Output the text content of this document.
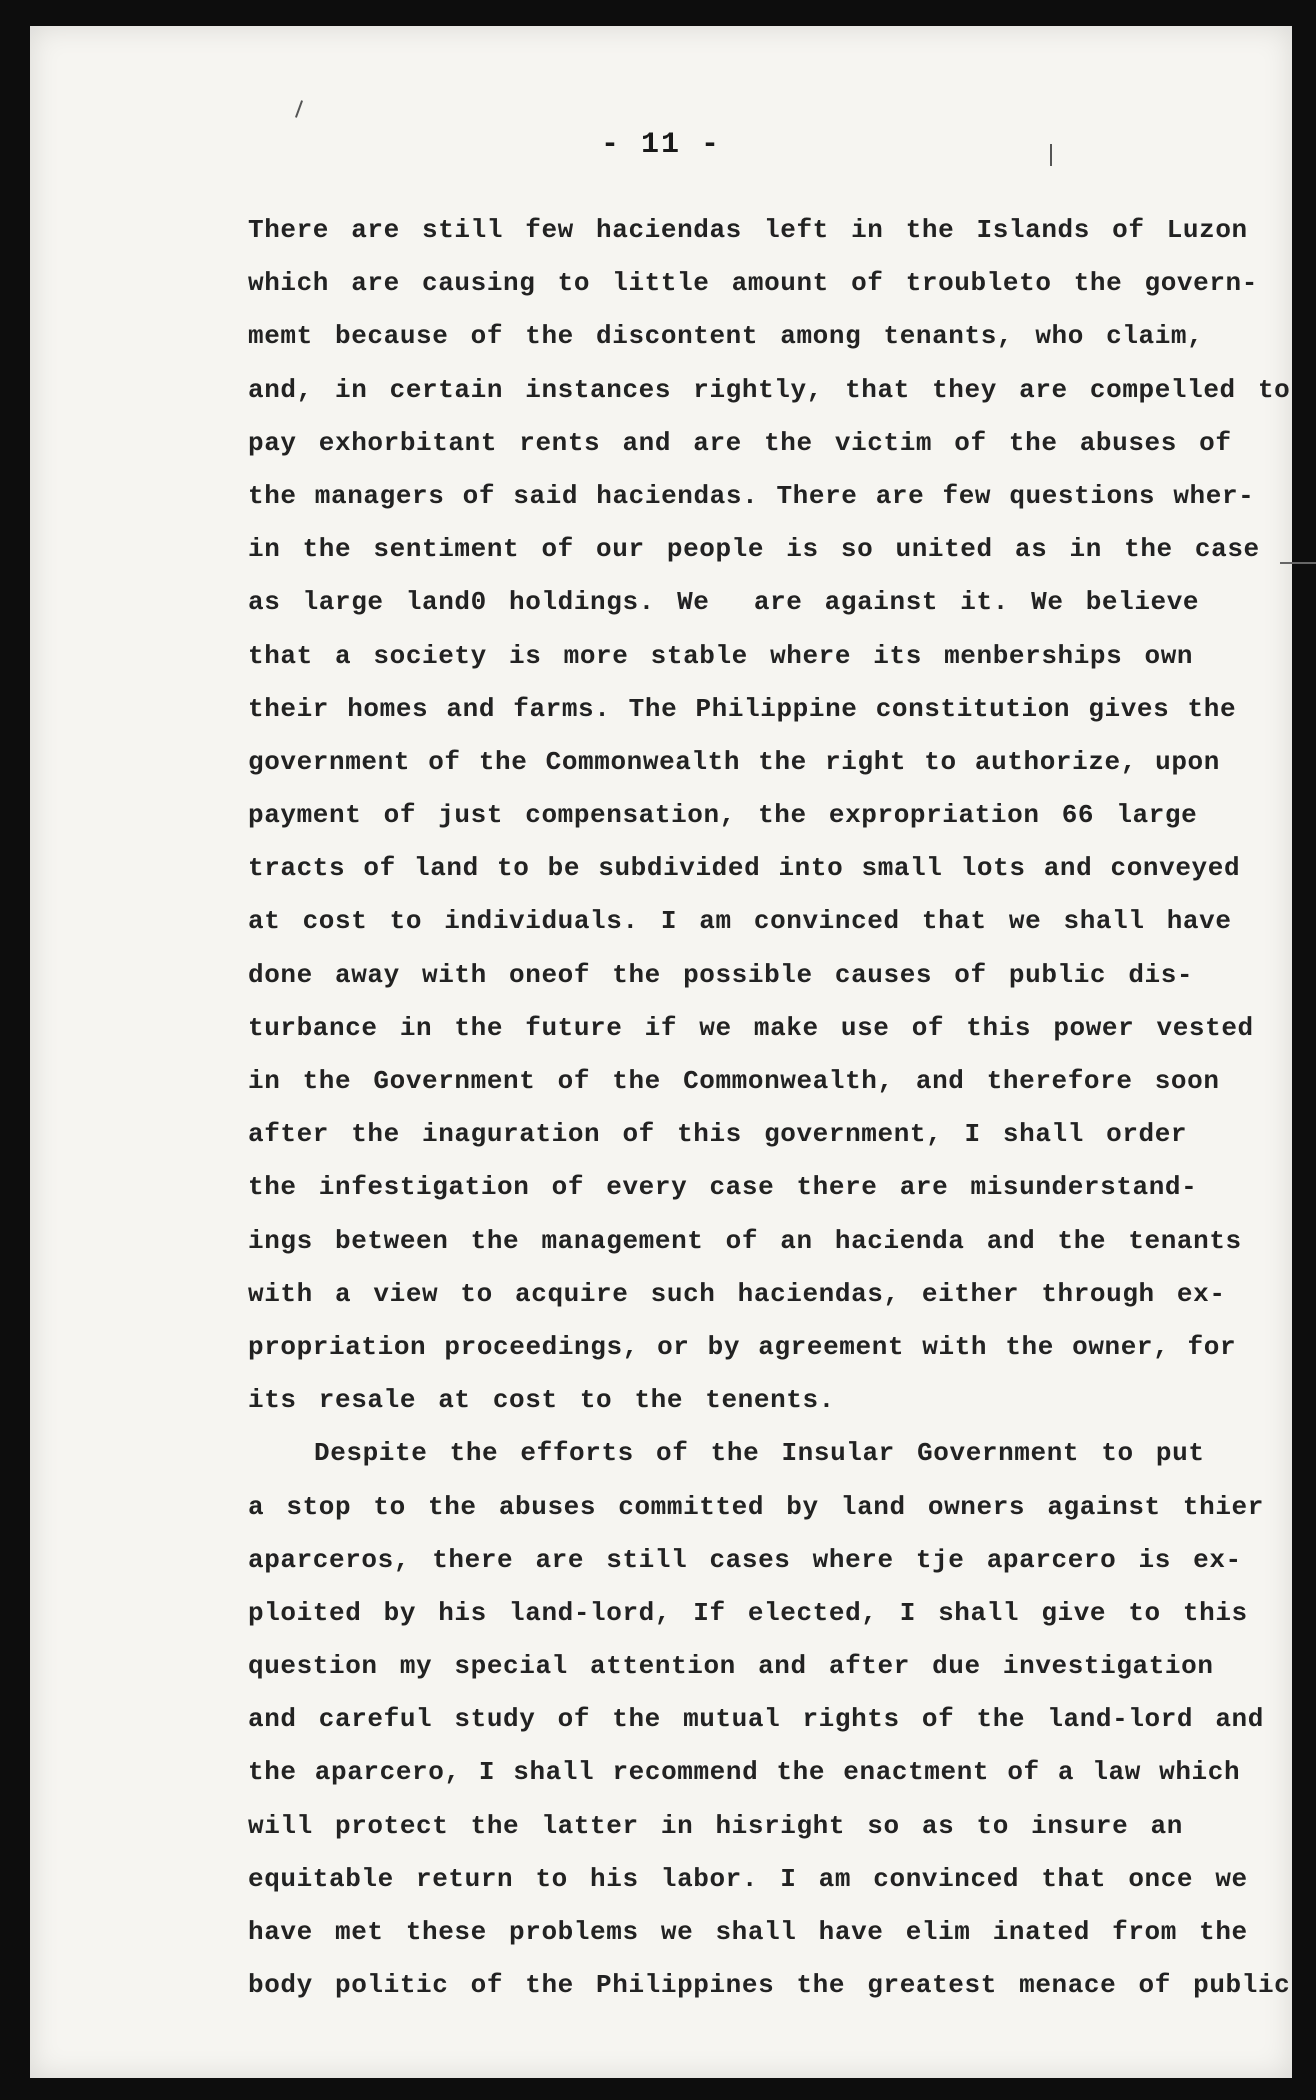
- 11 -
There are still few haciendas left in the Islands of Luzon
which are causing to little amount of troubleto the govern-
memt because of the discontent among tenants, who claim,
and, in certain instances rightly, that they are compelled to
pay exhorbitant rents and are the victim of the abuses of
the managers of said haciendas. There are few questions wher-
in the sentiment of our people is so united as in the case
as large land0 holdings. We  are against it. We believe
that a society is more stable where its menberships own
their homes and farms. The Philippine constitution gives the
government of the Commonwealth the right to authorize, upon
payment of just compensation, the expropriation 66 large
tracts of land to be subdivided into small lots and conveyed
at cost to individuals. I am convinced that we shall have
done away with oneof the possible causes of public dis-
turbance in the future if we make use of this power vested
in the Government of the Commonwealth, and therefore soon
after the inaguration of this government, I shall order
the infestigation of every case there are misunderstand-
ings between the management of an hacienda and the tenants
with a view to acquire such haciendas, either through ex-
propriation proceedings, or by agreement with the owner, for
its resale at cost to the tenents.
Despite the efforts of the Insular Government to put
a stop to the abuses committed by land owners against thier
aparceros, there are still cases where tje aparcero is ex-
ploited by his land-lord, If elected, I shall give to this
question my special attention and after due investigation
and careful study of the mutual rights of the land-lord and
the aparcero, I shall recommend the enactment of a law which
will protect the latter in hisright so as to insure an
equitable return to his labor. I am convinced that once we
have met these problems we shall have elim inated from the
body politic of the Philippines the greatest menace of public
